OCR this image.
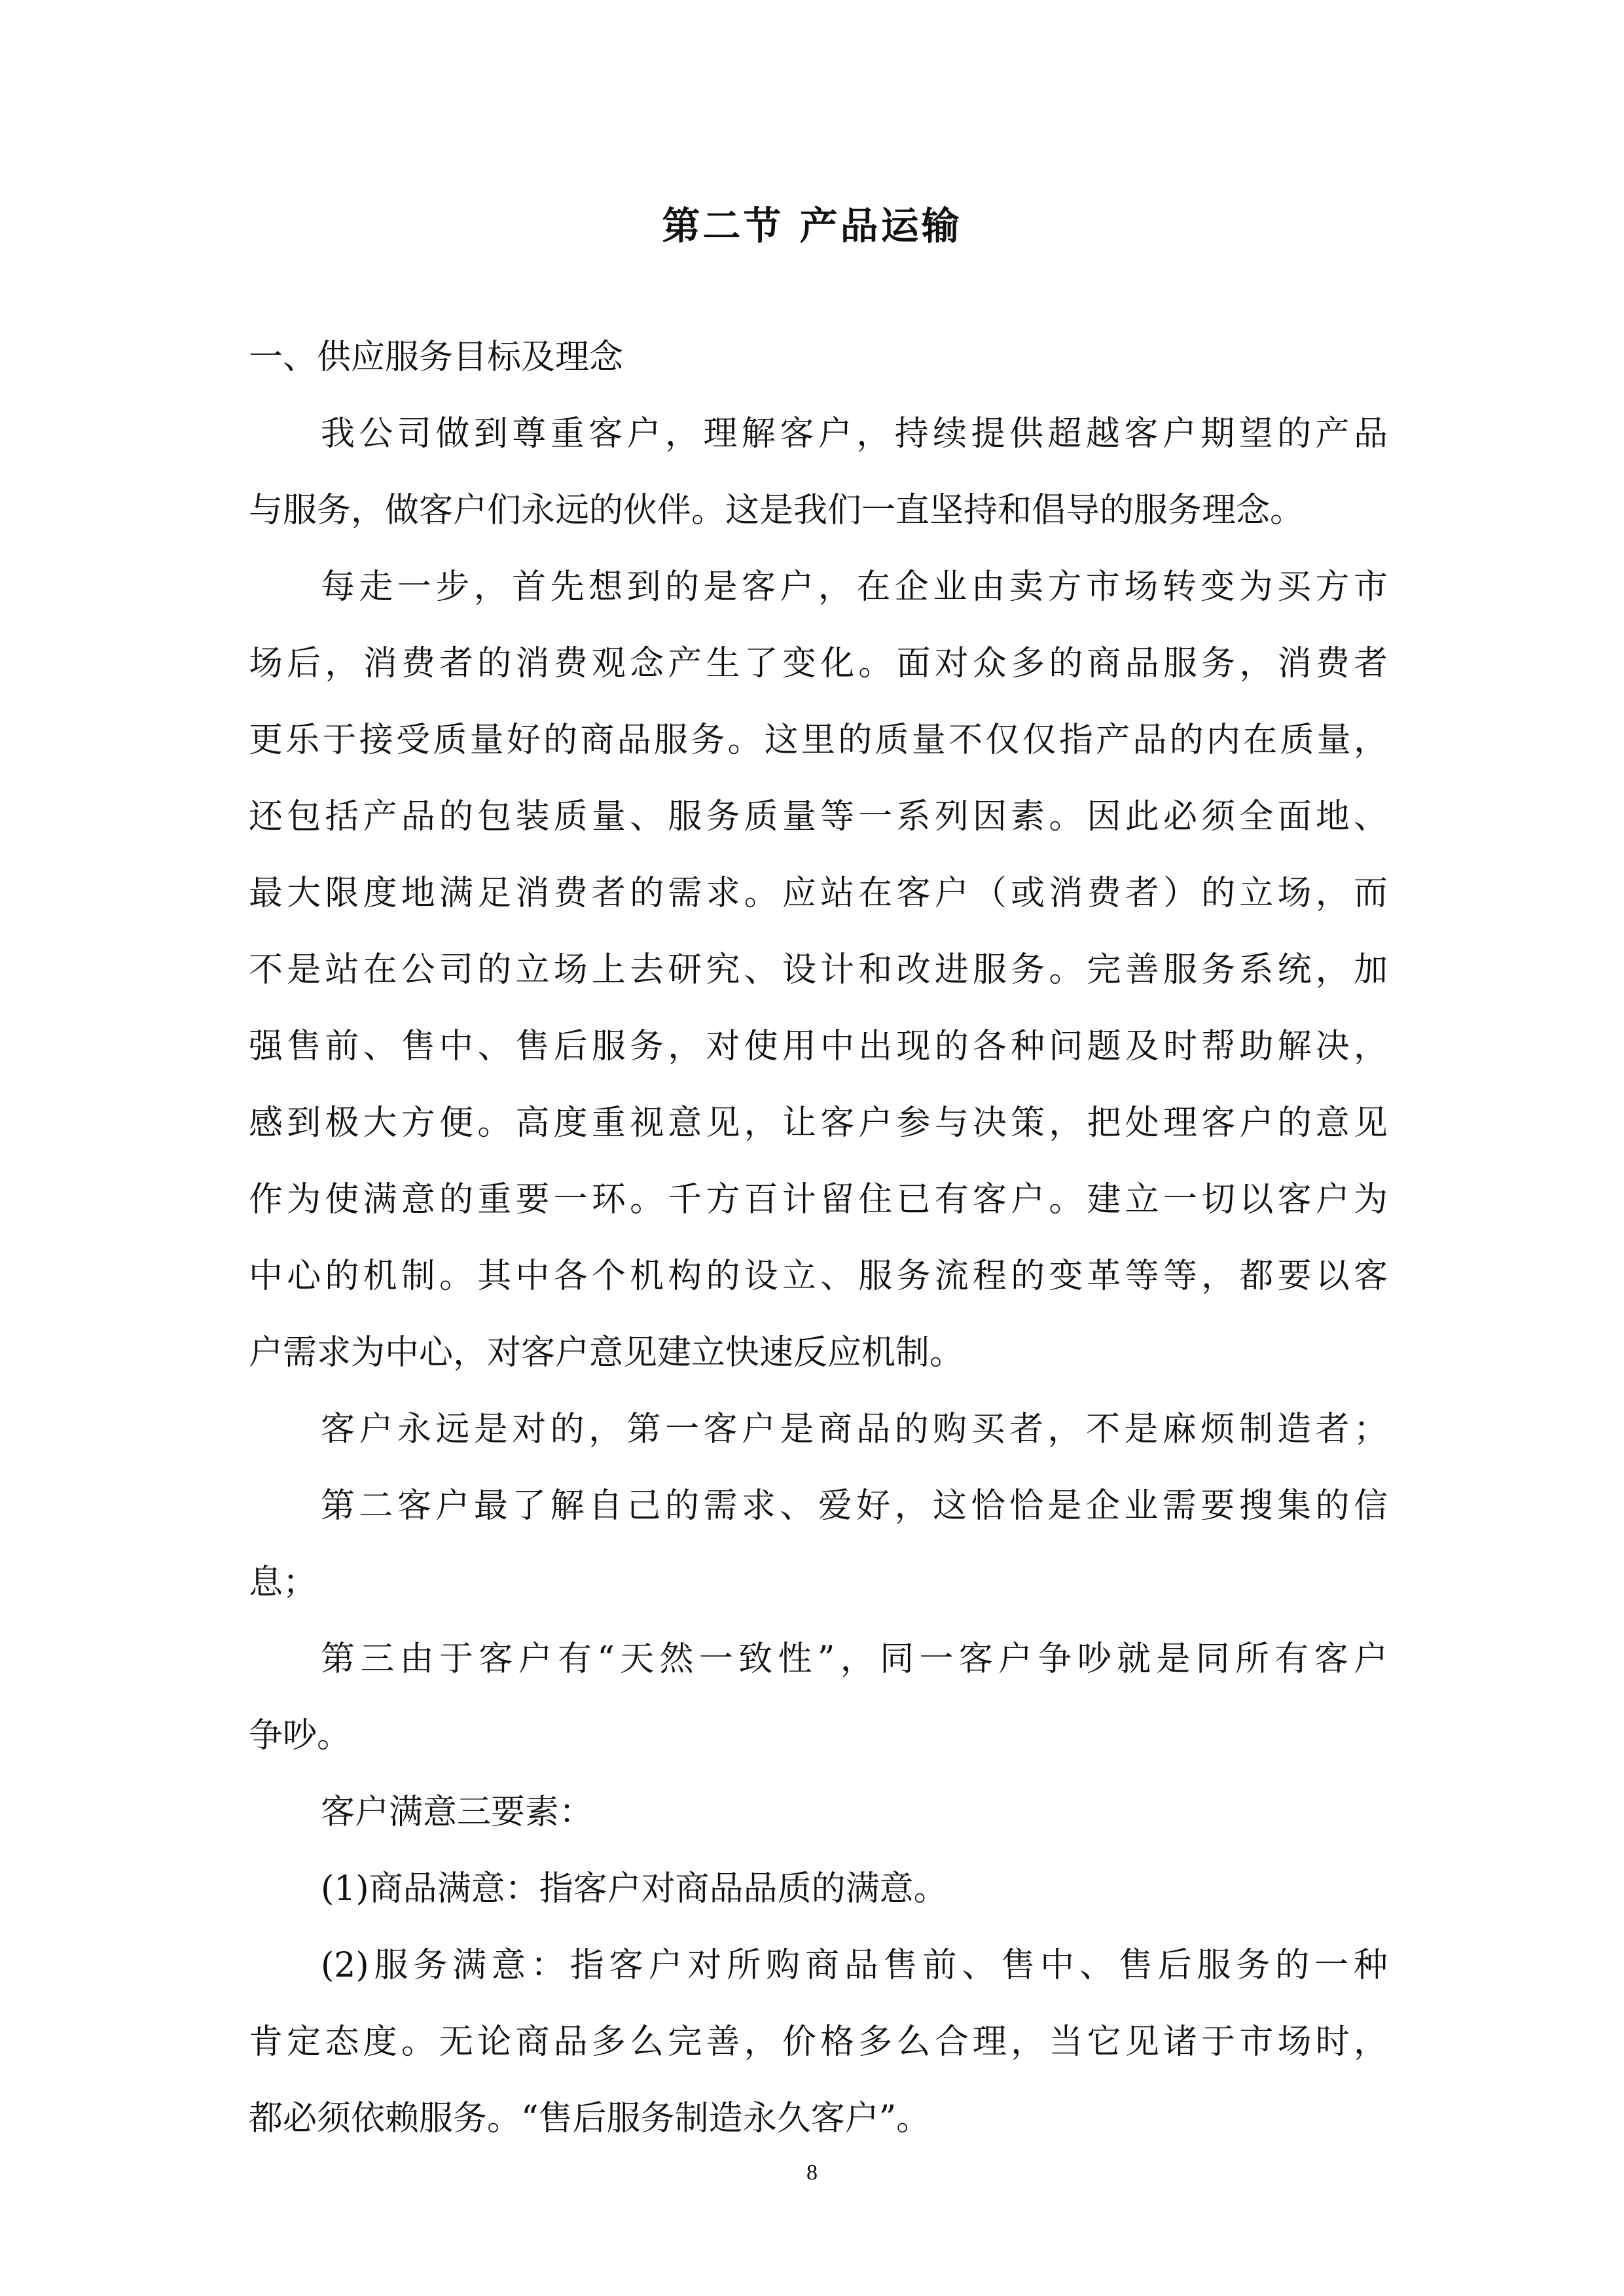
第二节 产品运输

一、供应服务目标及理念

我公司做到尊重客户，理解客户，持续提供超越客户期望的产品

与服务，做客户们永远的伙伴。这是我们一直坚持和倡导的服务理念。

每走一步，首先想到的是客户，在企业由卖方市场转变为买方市

场后，消费者的消费观念产生了变化。面对众多的商品服务，消费者

更乐于接受质量好的商品服务。这里的质量不仅仅指产品的内在质量，

还包括产品的包装质量、服务质量等一系列因素。因此必须全面地、

最大限度地满足消费者的需求。应站在客户（或消费者）的立场，而

不是站在公司的立场上去研究、设计和改进服务。完善服务系统，加

强售前、售中、售后服务，对使用中出现的各种问题及时帮助解决，

感到极大方便。高度重视意见，让客户参与决策，把处理客户的意见

作为使满意的重要一环。千方百计留住已有客户。建立一切以客户为

中心的机制。其中各个机构的设立、服务流程的变革等等，都要以客

户需求为中心，对客户意见建立快速反应机制。

客户永远是对的，第一客户是商品的购买者，不是麻烦制造者；

第二客户最了解自己的需求、爱好，这恰恰是企业需要搜集的信

息；

第三由于客户有“天然一致性”，同一客户争吵就是同所有客户

争吵。

客户满意三要素：

(1)商品满意：指客户对商品品质的满意。

(2)服务满意：指客户对所购商品售前、售中、售后服务的一种

肯定态度。无论商品多么完善，价格多么合理，当它见诸于市场时，

都必须依赖服务。“售后服务制造永久客户”。

8
